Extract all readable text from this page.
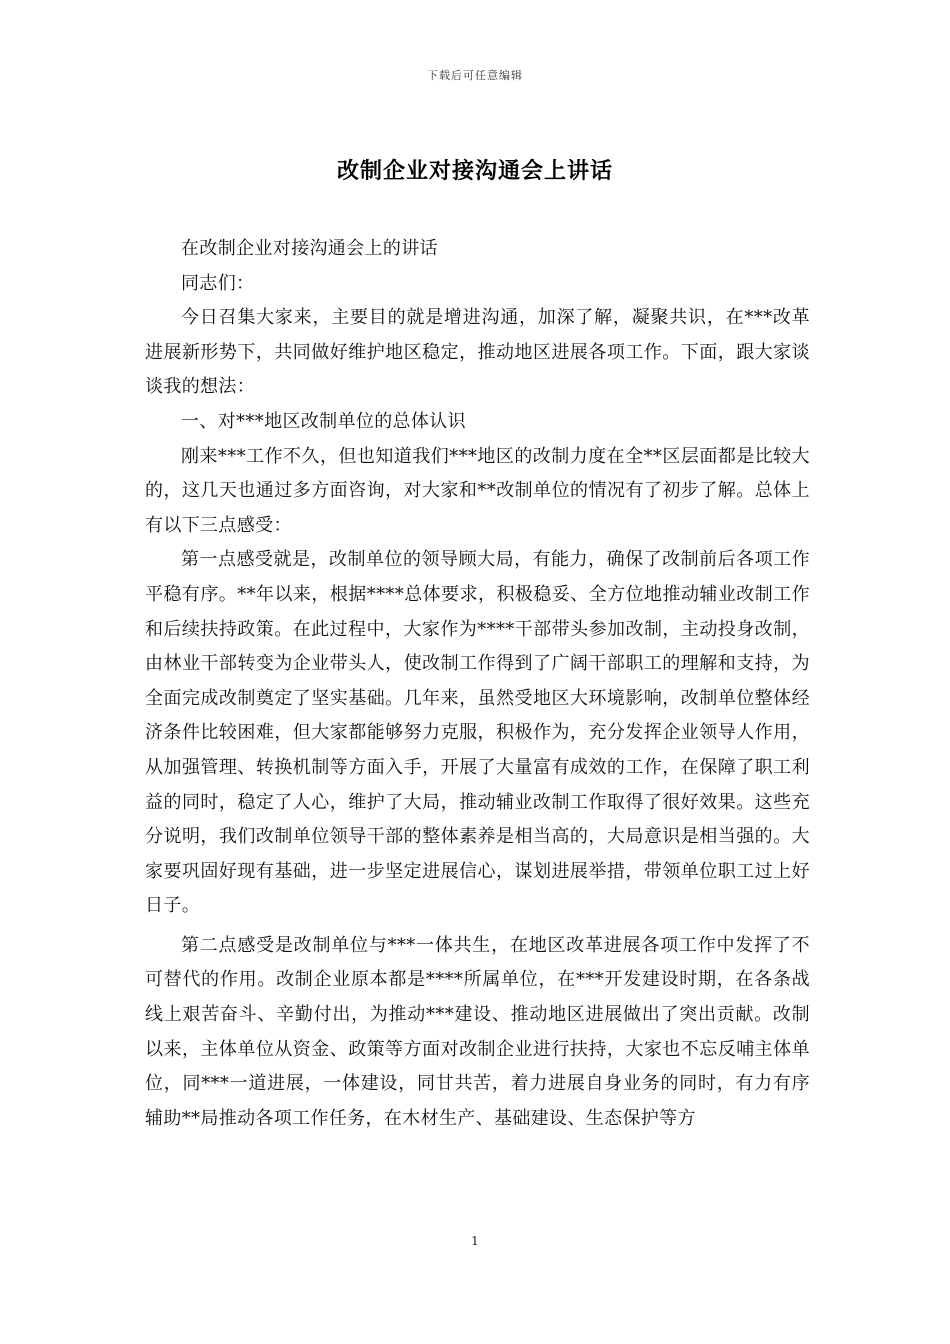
下载后可任意编辑
改制企业对接沟通会上讲话

在改制企业对接沟通会上的讲话

同志们：

今日召集大家来，主要目的就是增进沟通，加深了解，凝聚共识，在***改革进展新形势下，共同做好维护地区稳定，推动地区进展各项工作。下面，跟大家谈谈我的想法：

一、对***地区改制单位的总体认识

刚来***工作不久，但也知道我们***地区的改制力度在全**区层面都是比较大的，这几天也通过多方面咨询，对大家和**改制单位的情况有了初步了解。总体上有以下三点感受：

第一点感受就是，改制单位的领导顾大局，有能力，确保了改制前后各项工作平稳有序。**年以来，根据****总体要求，积极稳妥、全方位地推动辅业改制工作和后续扶持政策。在此过程中，大家作为****干部带头参加改制，主动投身改制，由林业干部转变为企业带头人，使改制工作得到了广阔干部职工的理解和支持，为全面完成改制奠定了坚实基础。几年来，虽然受地区大环境影响，改制单位整体经济条件比较困难，但大家都能够努力克服，积极作为，充分发挥企业领导人作用，从加强管理、转换机制等方面入手，开展了大量富有成效的工作，在保障了职工利益的同时，稳定了人心，维护了大局，推动辅业改制工作取得了很好效果。这些充分说明，我们改制单位领导干部的整体素养是相当高的，大局意识是相当强的。大家要巩固好现有基础，进一步坚定进展信心，谋划进展举措，带领单位职工过上好日子。

第二点感受是改制单位与***一体共生，在地区改革进展各项工作中发挥了不可替代的作用。改制企业原本都是****所属单位，在***开发建设时期，在各条战线上艰苦奋斗、辛勤付出，为推动***建设、推动地区进展做出了突出贡献。改制以来，主体单位从资金、政策等方面对改制企业进行扶持，大家也不忘反哺主体单位，同***一道进展，一体建设，同甘共苦，着力进展自身业务的同时，有力有序辅助**局推动各项工作任务，在木材生产、基础建设、生态保护等方

1
